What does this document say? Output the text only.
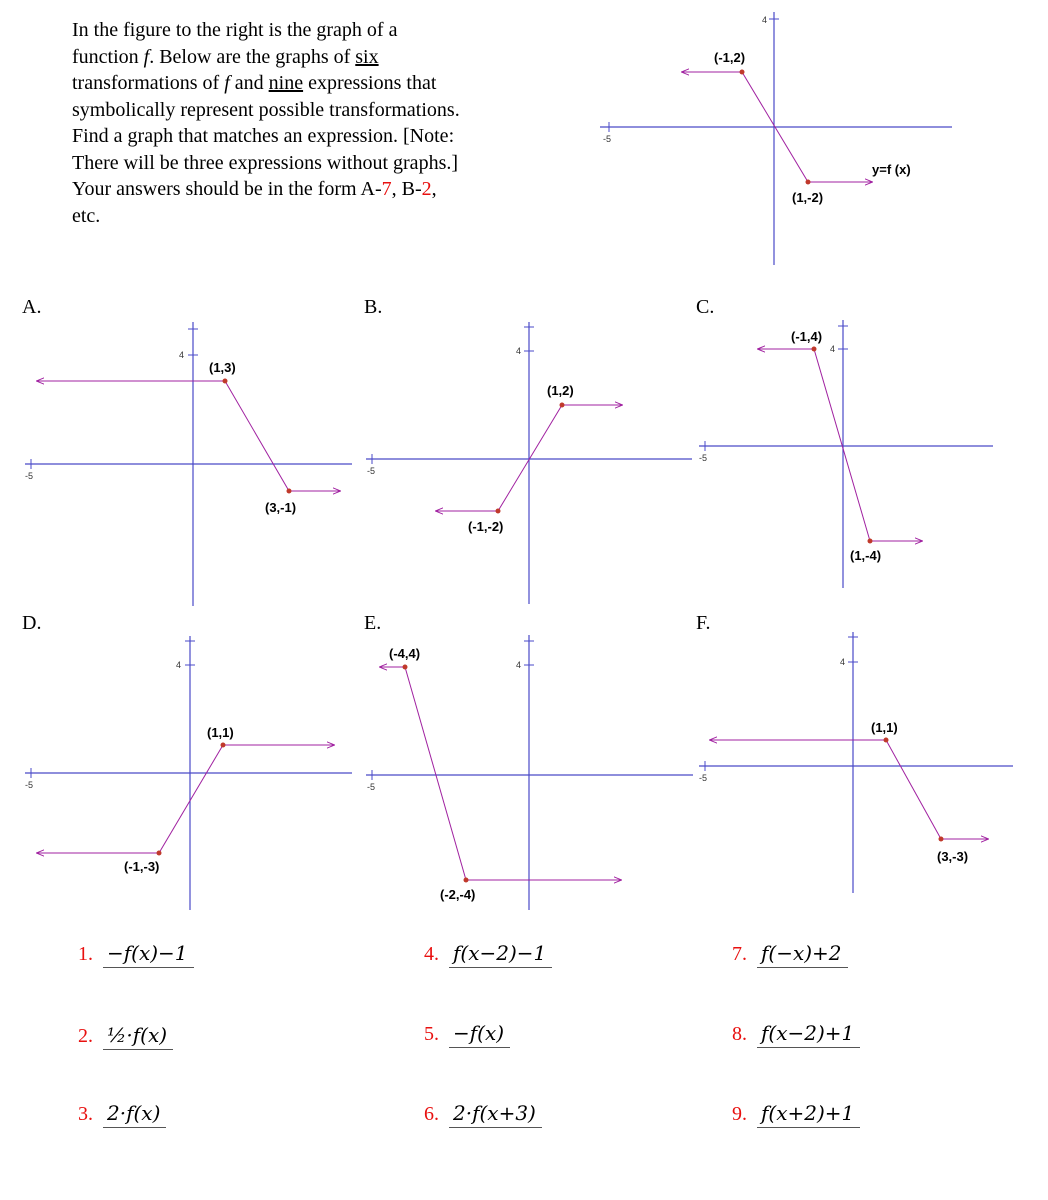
In the figure to the right is the graph of a

function f. Below are the graphs of six

transformations of f and nine expressions that

symbolically represent possible transformations.

Find a graph that matches an expression. [Note:

There will be three expressions without graphs.]

Your answers should be in the form A-7, B-2,

etc.

A.	B.	C.
D.	E.	F.
4
-5
(-1,2)
(1,-2)
y=f (x)
4
-5
(1,3)
(3,-1)
4
-5
(1,2)
(-1,-2)
4
-5
(-1,4)
(1,-4)
4
-5
(1,1)
(-1,-3)
4
-5
(-4,4)
(-2,-4)
4
-5
(1,1)
(3,-3)
1. −f(x)−1
2. ½·f(x)
3. 2·f(x)
4. f(x−2)−1
5. −f(x)
6. 2·f(x+3)
7. f(−x)+2
8. f(x−2)+1
9. f(x+2)+1
